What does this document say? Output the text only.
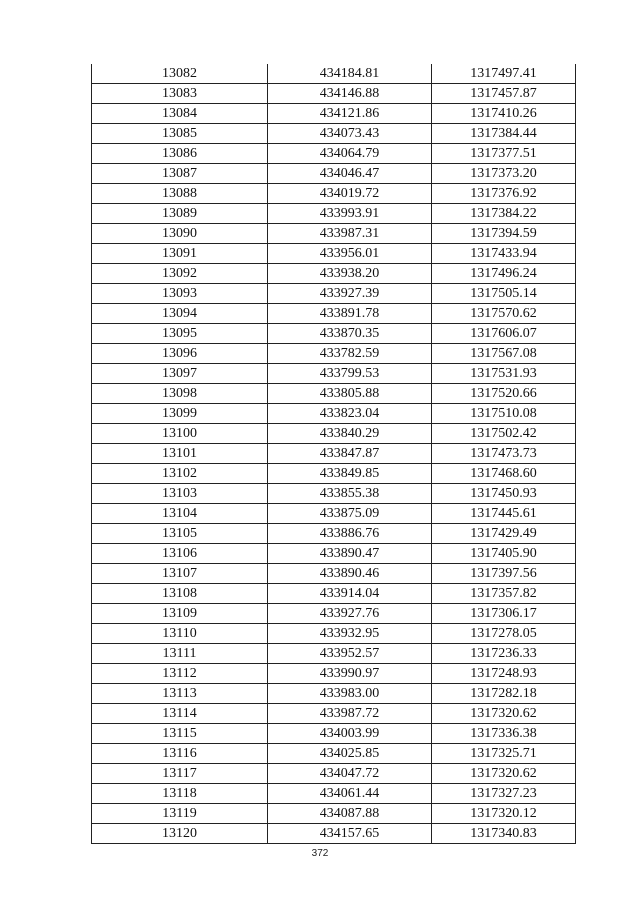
13082	434184.81	1317497.41
13083	434146.88	1317457.87
13084	434121.86	1317410.26
13085	434073.43	1317384.44
13086	434064.79	1317377.51
13087	434046.47	1317373.20
13088	434019.72	1317376.92
13089	433993.91	1317384.22
13090	433987.31	1317394.59
13091	433956.01	1317433.94
13092	433938.20	1317496.24
13093	433927.39	1317505.14
13094	433891.78	1317570.62
13095	433870.35	1317606.07
13096	433782.59	1317567.08
13097	433799.53	1317531.93
13098	433805.88	1317520.66
13099	433823.04	1317510.08
13100	433840.29	1317502.42
13101	433847.87	1317473.73
13102	433849.85	1317468.60
13103	433855.38	1317450.93
13104	433875.09	1317445.61
13105	433886.76	1317429.49
13106	433890.47	1317405.90
13107	433890.46	1317397.56
13108	433914.04	1317357.82
13109	433927.76	1317306.17
13110	433932.95	1317278.05
13111	433952.57	1317236.33
13112	433990.97	1317248.93
13113	433983.00	1317282.18
13114	433987.72	1317320.62
13115	434003.99	1317336.38
13116	434025.85	1317325.71
13117	434047.72	1317320.62
13118	434061.44	1317327.23
13119	434087.88	1317320.12
13120	434157.65	1317340.83
372
